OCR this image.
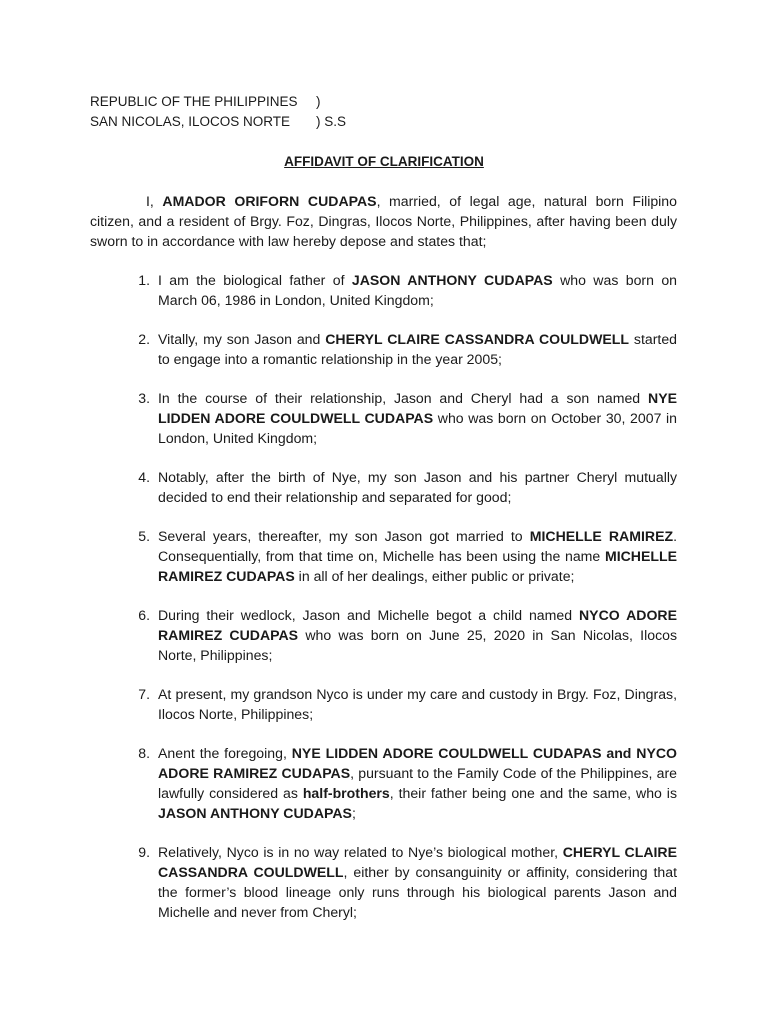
REPUBLIC OF THE PHILIPPINES	)
SAN NICOLAS, ILOCOS NORTE	) S.S
AFFIDAVIT OF CLARIFICATION

I, AMADOR ORIFORN CUDAPAS, married, of legal age, natural born Filipino citizen, and a resident of Brgy. Foz, Dingras, Ilocos Norte, Philippines, after having been duly sworn to in accordance with law hereby depose and states that;

1. I am the biological father of JASON ANTHONY CUDAPAS who was born on March 06, 1986 in London, United Kingdom;

2. Vitally, my son Jason and CHERYL CLAIRE CASSANDRA COULDWELL started to engage into a romantic relationship in the year 2005;

3. In the course of their relationship, Jason and Cheryl had a son named NYE LIDDEN ADORE COULDWELL CUDAPAS who was born on October 30, 2007 in London, United Kingdom;

4. Notably, after the birth of Nye, my son Jason and his partner Cheryl mutually decided to end their relationship and separated for good;

5. Several years, thereafter, my son Jason got married to MICHELLE RAMIREZ. Consequentially, from that time on, Michelle has been using the name MICHELLE RAMIREZ CUDAPAS in all of her dealings, either public or private;

6. During their wedlock, Jason and Michelle begot a child named NYCO ADORE RAMIREZ CUDAPAS who was born on June 25, 2020 in San Nicolas, Ilocos Norte, Philippines;

7. At present, my grandson Nyco is under my care and custody in Brgy. Foz, Dingras, Ilocos Norte, Philippines;

8. Anent the foregoing, NYE LIDDEN ADORE COULDWELL CUDAPAS and NYCO ADORE RAMIREZ CUDAPAS, pursuant to the Family Code of the Philippines, are lawfully considered as half-brothers, their father being one and the same, who is JASON ANTHONY CUDAPAS;

9. Relatively, Nyco is in no way related to Nye’s biological mother, CHERYL CLAIRE CASSANDRA COULDWELL, either by consanguinity or affinity, considering that the former’s blood lineage only runs through his biological parents Jason and Michelle and never from Cheryl;
